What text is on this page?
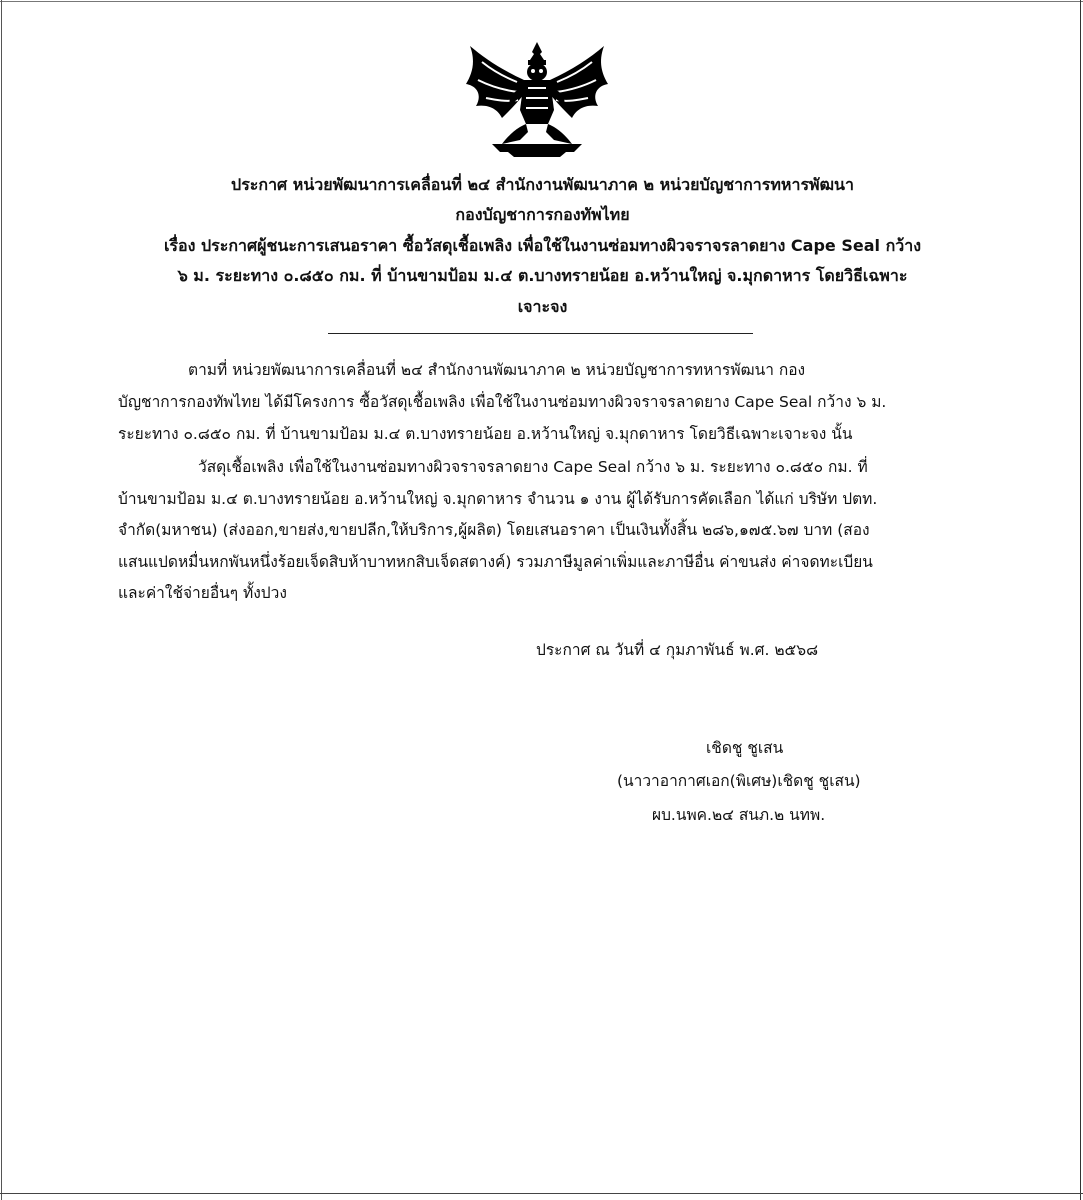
ประกาศ หน่วยพัฒนาการเคลื่อนที่ ๒๔ สำนักงานพัฒนาภาค ๒ หน่วยบัญชาการทหารพัฒนา
กองบัญชาการกองทัพไทย
เรื่อง ประกาศผู้ชนะการเสนอราคา ซื้อวัสดุเชื้อเพลิง เพื่อใช้ในงานซ่อมทางผิวจราจรลาดยาง Cape Seal กว้าง
๖ ม. ระยะทาง ๐.๘๕๐ กม. ที่ บ้านขามป้อม ม.๔ ต.บางทรายน้อย อ.หว้านใหญ่ จ.มุกดาหาร โดยวิธีเฉพาะ
เจาะจง
ตามที่ หน่วยพัฒนาการเคลื่อนที่ ๒๔ สำนักงานพัฒนาภาค ๒ หน่วยบัญชาการทหารพัฒนา กอง
บัญชาการกองทัพไทย ได้มีโครงการ ซื้อวัสดุเชื้อเพลิง เพื่อใช้ในงานซ่อมทางผิวจราจรลาดยาง Cape Seal กว้าง ๖ ม.
ระยะทาง ๐.๘๕๐ กม. ที่ บ้านขามป้อม ม.๔ ต.บางทรายน้อย อ.หว้านใหญ่ จ.มุกดาหาร โดยวิธีเฉพาะเจาะจง นั้น
วัสดุเชื้อเพลิง เพื่อใช้ในงานซ่อมทางผิวจราจรลาดยาง Cape Seal กว้าง ๖ ม. ระยะทาง ๐.๘๕๐ กม. ที่
บ้านขามป้อม ม.๔ ต.บางทรายน้อย อ.หว้านใหญ่ จ.มุกดาหาร จำนวน ๑ งาน ผู้ได้รับการคัดเลือก ได้แก่ บริษัท ปตท.
จำกัด(มหาชน) (ส่งออก,ขายส่ง,ขายปลีก,ให้บริการ,ผู้ผลิต) โดยเสนอราคา เป็นเงินทั้งสิ้น ๒๘๖,๑๗๕.๖๗ บาท (สอง
แสนแปดหมื่นหกพันหนึ่งร้อยเจ็ดสิบห้าบาทหกสิบเจ็ดสตางค์) รวมภาษีมูลค่าเพิ่มและภาษีอื่น ค่าขนส่ง ค่าจดทะเบียน
และค่าใช้จ่ายอื่นๆ ทั้งปวง
ประกาศ ณ วันที่ ๔ กุมภาพันธ์ พ.ศ. ๒๕๖๘
เชิดชู ชูเสน
(นาวาอากาศเอก(พิเศษ)เชิดชู ชูเสน)
ผบ.นพค.๒๔ สนภ.๒ นทพ.
